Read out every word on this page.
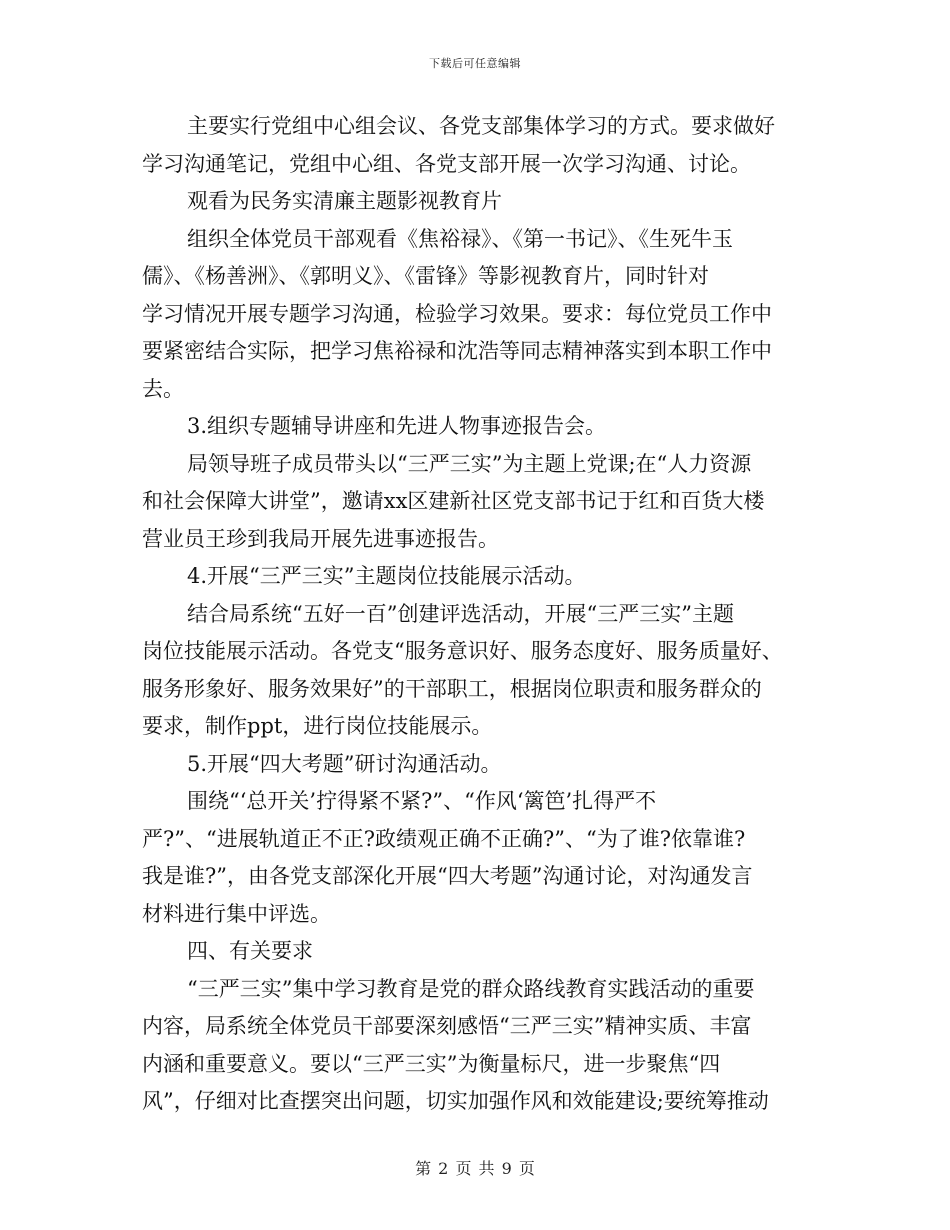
下载后可任意编辑
主要实行党组中心组会议、各党支部集体学习的方式。要求做好
学习沟通笔记，党组中心组、各党支部开展一次学习沟通、讨论。
观看为民务实清廉主题影视教育片
组织全体党员干部观看《焦裕禄》、《第一书记》、《生死牛玉
儒》、《杨善洲》、《郭明义》、《雷锋》等影视教育片，同时针对
学习情况开展专题学习沟通，检验学习效果。要求：每位党员工作中
要紧密结合实际，把学习焦裕禄和沈浩等同志精神落实到本职工作中
去。
3.组织专题辅导讲座和先进人物事迹报告会。
局领导班子成员带头以“三严三实”为主题上党课;在“人力资源
和社会保障大讲堂”，邀请xx区建新社区党支部书记于红和百货大楼
营业员王珍到我局开展先进事迹报告。
4.开展“三严三实”主题岗位技能展示活动。
结合局系统“五好一百”创建评选活动，开展“三严三实”主题
岗位技能展示活动。各党支“服务意识好、服务态度好、服务质量好、
服务形象好、服务效果好”的干部职工，根据岗位职责和服务群众的
要求，制作ppt，进行岗位技能展示。
5.开展“四大考题”研讨沟通活动。
围绕“‘总开关’拧得紧不紧?”、“作风‘篱笆’扎得严不
严?”、“进展轨道正不正?政绩观正确不正确?”、“为了谁?依靠谁?
我是谁?”，由各党支部深化开展“四大考题”沟通讨论，对沟通发言
材料进行集中评选。
四、有关要求
“三严三实”集中学习教育是党的群众路线教育实践活动的重要
内容，局系统全体党员干部要深刻感悟“三严三实”精神实质、丰富
内涵和重要意义。要以“三严三实”为衡量标尺，进一步聚焦“四
风”，仔细对比查摆突出问题，切实加强作风和效能建设;要统筹推动
第 2 页 共 9 页
